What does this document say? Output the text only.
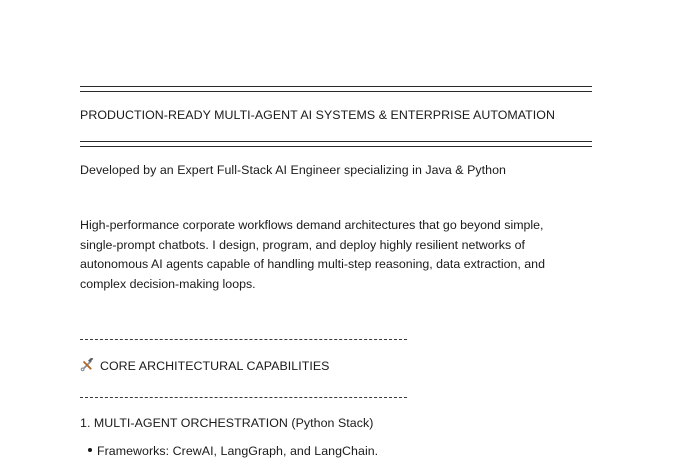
PRODUCTION-READY MULTI-AGENT AI SYSTEMS & ENTERPRISE AUTOMATION
Developed by an Expert Full-Stack AI Engineer specializing in Java & Python
High-performance corporate workflows demand architectures that go beyond simple,
single-prompt chatbots. I design, program, and deploy highly resilient networks of
autonomous AI agents capable of handling multi-step reasoning, data extraction, and
complex decision-making loops.
CORE ARCHITECTURAL CAPABILITIES
1. MULTI-AGENT ORCHESTRATION (Python Stack)
Frameworks: CrewAI, LangGraph, and LangChain.
